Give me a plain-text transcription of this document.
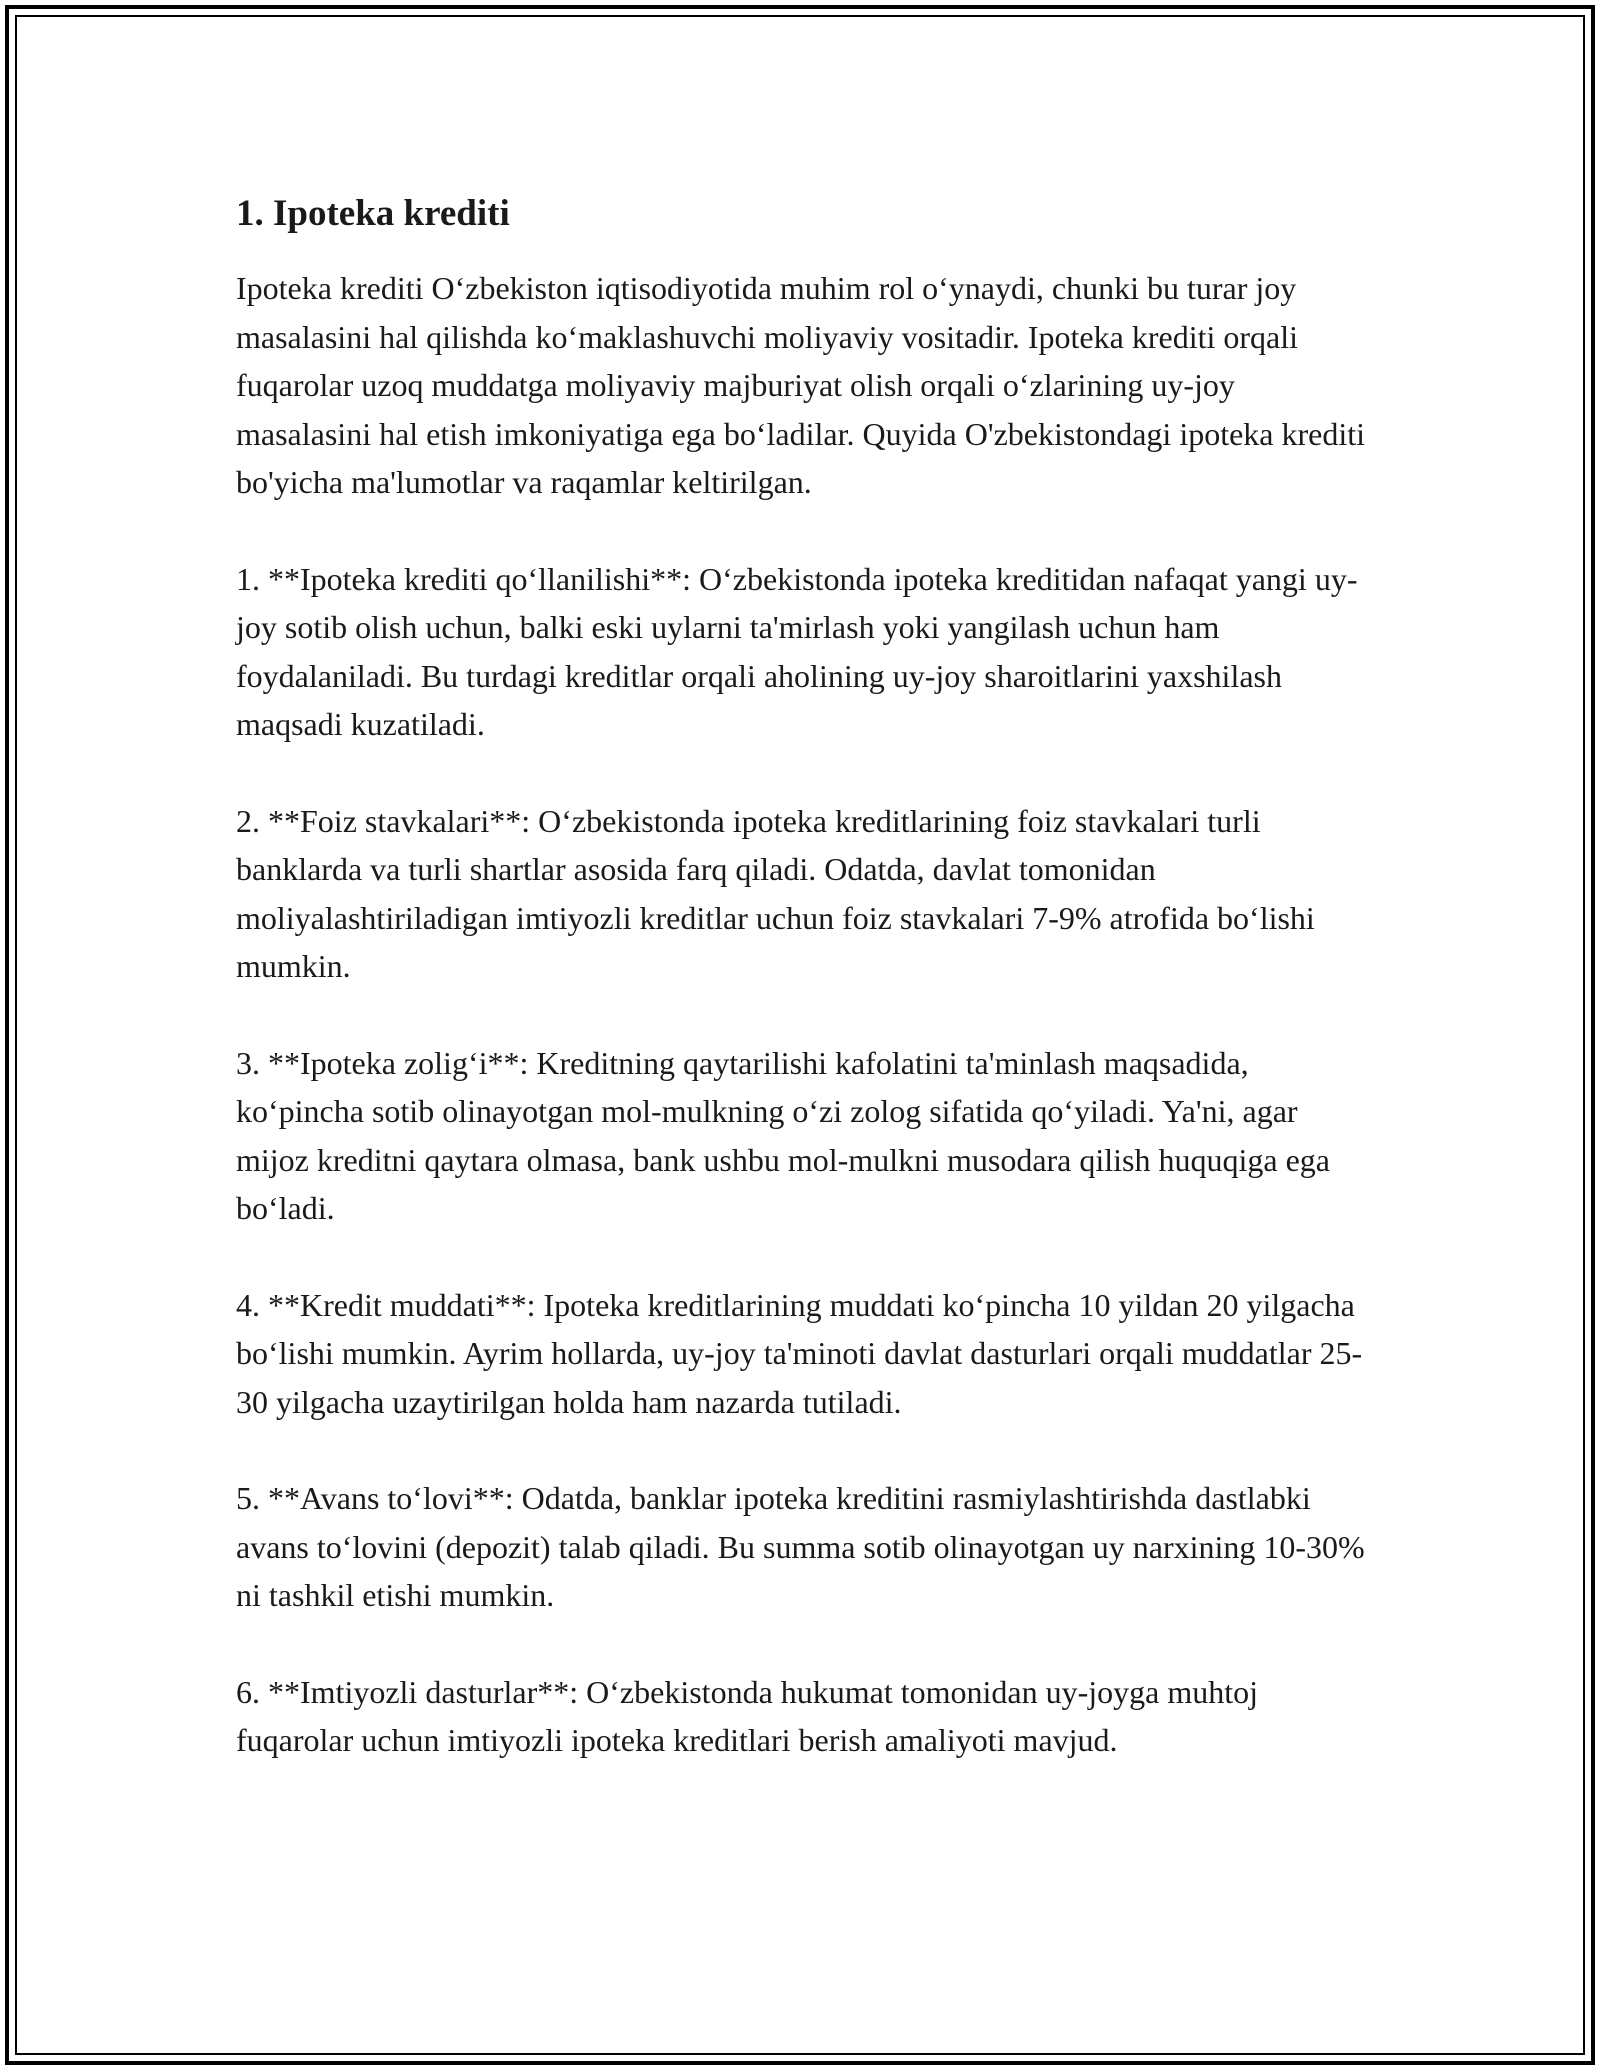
1. Ipoteka krediti

Ipoteka krediti O‘zbekiston iqtisodiyotida muhim rol o‘ynaydi, chunki bu turar joy masalasini hal qilishda ko‘maklashuvchi moliyaviy vositadir. Ipoteka krediti orqali fuqarolar uzoq muddatga moliyaviy majburiyat olish orqali o‘zlarining uy-joy masalasini hal etish imkoniyatiga ega bo‘ladilar. Quyida O'zbekistondagi ipoteka krediti bo'yicha ma'lumotlar va raqamlar keltirilgan.

1. **Ipoteka krediti qo‘llanilishi**: O‘zbekistonda ipoteka kreditidan nafaqat yangi uy-joy sotib olish uchun, balki eski uylarni ta'mirlash yoki yangilash uchun ham foydalaniladi. Bu turdagi kreditlar orqali aholining uy-joy sharoitlarini yaxshilash maqsadi kuzatiladi.

2. **Foiz stavkalari**: O‘zbekistonda ipoteka kreditlarining foiz stavkalari turli banklarda va turli shartlar asosida farq qiladi. Odatda, davlat tomonidan moliyalashtiriladigan imtiyozli kreditlar uchun foiz stavkalari 7-9% atrofida bo‘lishi mumkin.

3. **Ipoteka zolig‘i**: Kreditning qaytarilishi kafolatini ta'minlash maqsadida, ko‘pincha sotib olinayotgan mol-mulkning o‘zi zolog sifatida qo‘yiladi. Ya'ni, agar mijoz kreditni qaytara olmasa, bank ushbu mol-mulkni musodara qilish huquqiga ega bo‘ladi.

4. **Kredit muddati**: Ipoteka kreditlarining muddati ko‘pincha 10 yildan 20 yilgacha bo‘lishi mumkin. Ayrim hollarda, uy-joy ta'minoti davlat dasturlari orqali muddatlar 25-30 yilgacha uzaytirilgan holda ham nazarda tutiladi.

5. **Avans to‘lovi**: Odatda, banklar ipoteka kreditini rasmiylashtirishda dastlabki avans to‘lovini (depozit) talab qiladi. Bu summa sotib olinayotgan uy narxining 10-30% ni tashkil etishi mumkin.

6. **Imtiyozli dasturlar**: O‘zbekistonda hukumat tomonidan uy-joyga muhtoj fuqarolar uchun imtiyozli ipoteka kreditlari berish amaliyoti mavjud.
